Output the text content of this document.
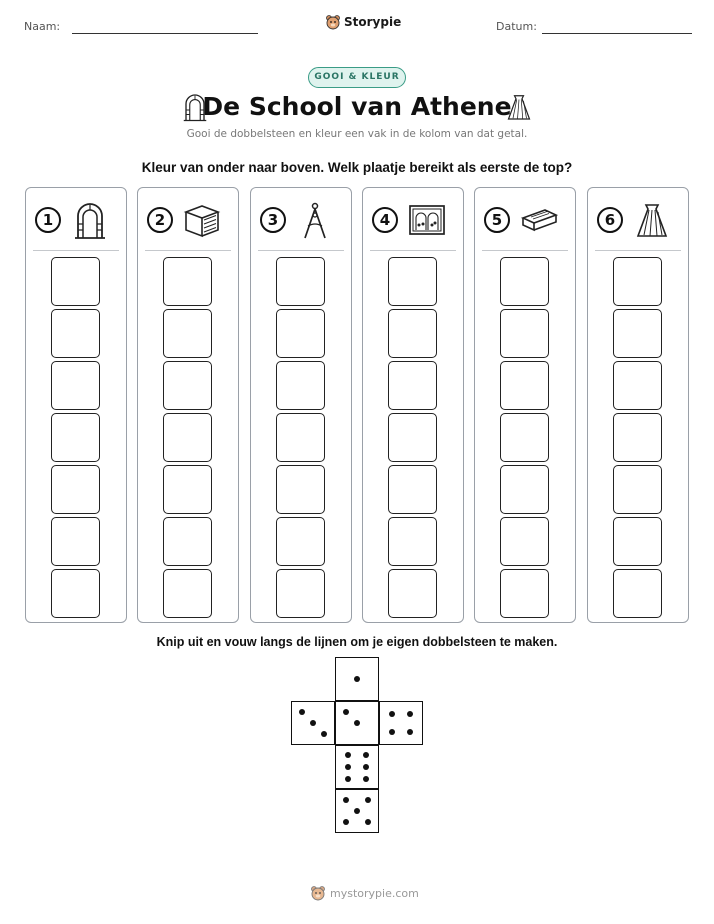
Naam:	Storypie	Datum:
GOOI & KLEUR
De School van Athene
Gooi de dobbelsteen en kleur een vak in de kolom van dat getal.
Kleur van onder naar boven. Welk plaatje bereikt als eerste de top?
1	2	3	4	5	6
Knip uit en vouw langs de lijnen om je eigen dobbelsteen te maken.
mystorypie.com
